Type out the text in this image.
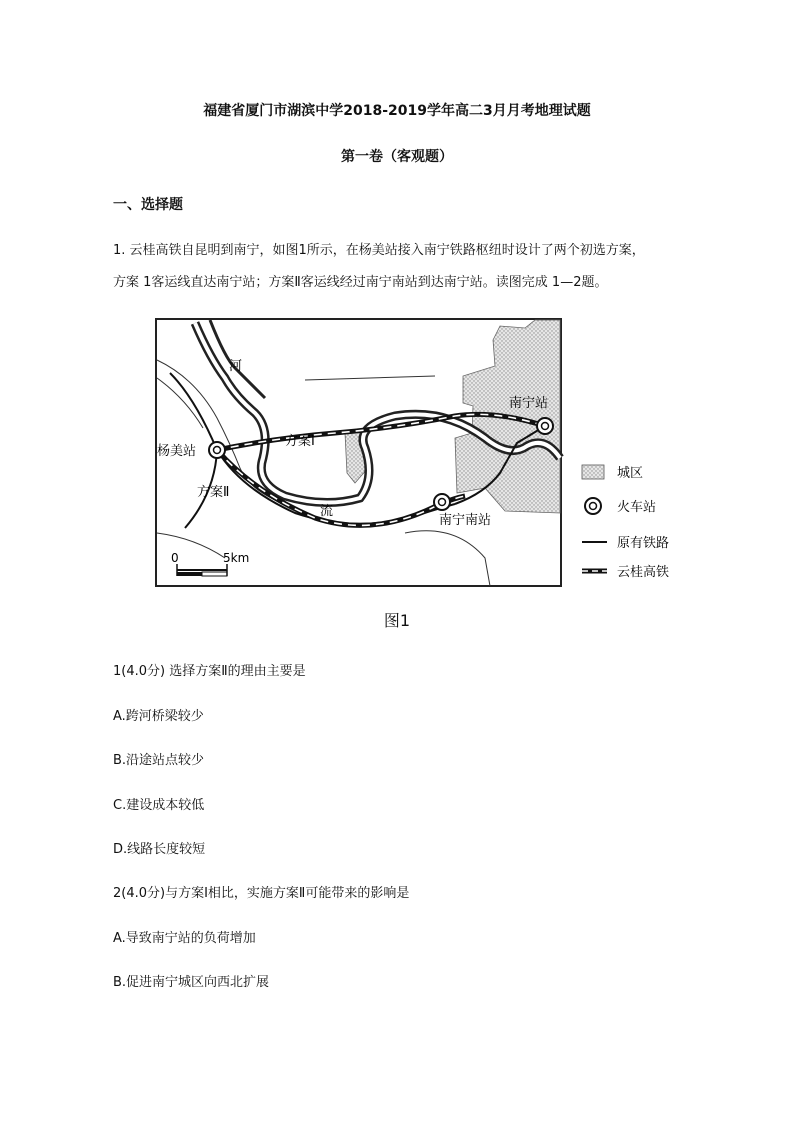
福建省厦门市湖滨中学2018-2019学年高二3月月考地理试题
第一卷（客观题）
一、选择题
1. 云桂高铁自昆明到南宁，如图1所示，在杨美站接入南宁铁路枢纽时设计了两个初选方案，
方案 1客运线直达南宁站；方案Ⅱ客运线经过南宁南站到达南宁站。读图完成 1—2题。
河
流
杨美站
方案Ⅰ
方案Ⅱ
南宁站
南宁南站
0	5km
城区
火车站
原有铁路
云桂高铁
图1
1(4.0分) 选择方案Ⅱ的理由主要是
A.跨河桥梁较少
B.沿途站点较少
C.建设成本较低
D.线路长度较短
2(4.0分)与方案Ⅰ相比，实施方案Ⅱ可能带来的影响是
A.导致南宁站的负荷增加
B.促进南宁城区向西北扩展
